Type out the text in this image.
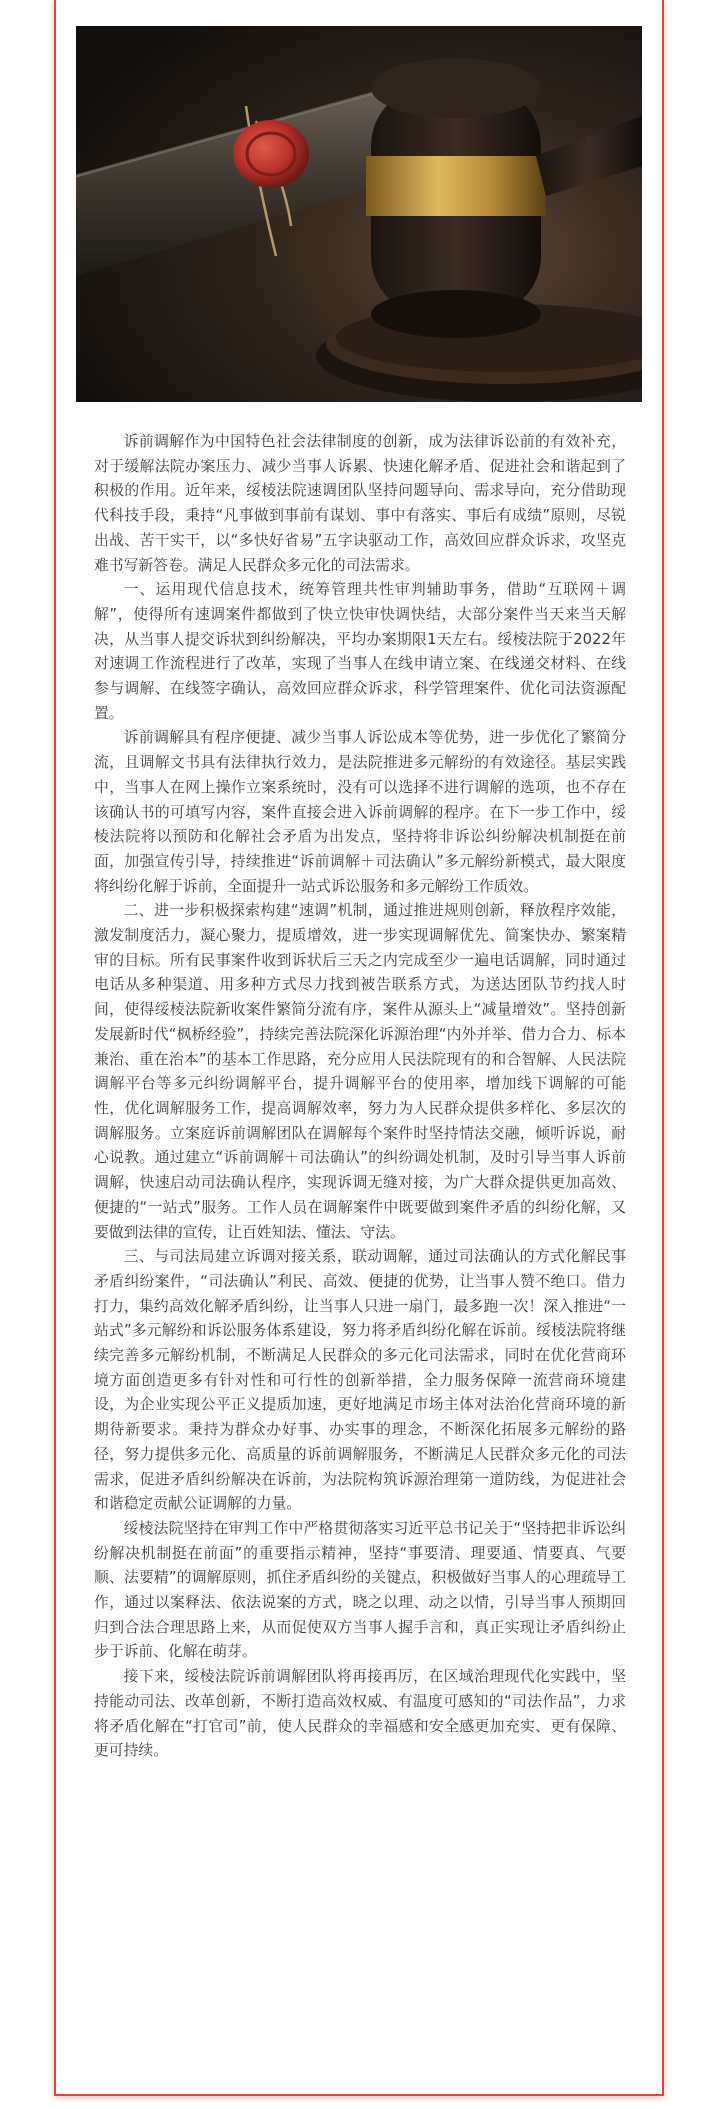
诉前调解作为中国特色社会法律制度的创新，成为法律诉讼前的有效补充，对于缓解法院办案压力、减少当事人诉累、快速化解矛盾、促进社会和谐起到了积极的作用。近年来，绥棱法院速调团队坚持问题导向、需求导向，充分借助现代科技手段，秉持“凡事做到事前有谋划、事中有落实、事后有成绩”原则，尽锐出战、苦干实干，以“多快好省易”五字诀驱动工作，高效回应群众诉求，攻坚克难书写新答卷。满足人民群众多元化的司法需求。

一、运用现代信息技术，统筹管理共性审判辅助事务，借助“互联网＋调解”，使得所有速调案件都做到了快立快审快调快结，大部分案件当天来当天解决，从当事人提交诉状到纠纷解决，平均办案期限1天左右。绥棱法院于2022年对速调工作流程进行了改革，实现了当事人在线申请立案、在线递交材料、在线参与调解、在线签字确认，高效回应群众诉求，科学管理案件、优化司法资源配置。

诉前调解具有程序便捷、减少当事人诉讼成本等优势，进一步优化了繁简分流，且调解文书具有法律执行效力，是法院推进多元解纷的有效途径。基层实践中，当事人在网上操作立案系统时，没有可以选择不进行调解的选项，也不存在该确认书的可填写内容，案件直接会进入诉前调解的程序。在下一步工作中，绥棱法院将以预防和化解社会矛盾为出发点，坚持将非诉讼纠纷解决机制挺在前面，加强宣传引导，持续推进“诉前调解＋司法确认”多元解纷新模式，最大限度将纠纷化解于诉前，全面提升一站式诉讼服务和多元解纷工作质效。

二、进一步积极探索构建“速调”机制，通过推进规则创新，释放程序效能，激发制度活力，凝心聚力，提质增效，进一步实现调解优先、简案快办、繁案精审的目标。所有民事案件收到诉状后三天之内完成至少一遍电话调解，同时通过电话从多种渠道、用多种方式尽力找到被告联系方式，为送达团队节约找人时间，使得绥棱法院新收案件繁简分流有序，案件从源头上“减量增效”。坚持创新发展新时代“枫桥经验”，持续完善法院深化诉源治理“内外并举、借力合力、标本兼治、重在治本”的基本工作思路，充分应用人民法院现有的和合智解、人民法院调解平台等多元纠纷调解平台，提升调解平台的使用率，增加线下调解的可能性，优化调解服务工作，提高调解效率，努力为人民群众提供多样化、多层次的调解服务。立案庭诉前调解团队在调解每个案件时坚持情法交融，倾听诉说，耐心说教。通过建立“诉前调解＋司法确认”的纠纷调处机制，及时引导当事人诉前调解，快速启动司法确认程序，实现诉调无缝对接，为广大群众提供更加高效、便捷的“一站式”服务。工作人员在调解案件中既要做到案件矛盾的纠纷化解，又要做到法律的宣传，让百姓知法、懂法、守法。

三、与司法局建立诉调对接关系，联动调解，通过司法确认的方式化解民事矛盾纠纷案件，“司法确认”利民、高效、便捷的优势，让当事人赞不绝口。借力打力，集约高效化解矛盾纠纷，让当事人只进一扇门，最多跑一次！深入推进“一站式”多元解纷和诉讼服务体系建设，努力将矛盾纠纷化解在诉前。绥棱法院将继续完善多元解纷机制，不断满足人民群众的多元化司法需求，同时在优化营商环境方面创造更多有针对性和可行性的创新举措，全力服务保障一流营商环境建设，为企业实现公平正义提质加速，更好地满足市场主体对法治化营商环境的新期待新要求。秉持为群众办好事、办实事的理念，不断深化拓展多元解纷的路径，努力提供多元化、高质量的诉前调解服务，不断满足人民群众多元化的司法需求，促进矛盾纠纷解决在诉前，为法院构筑诉源治理第一道防线，为促进社会和谐稳定贡献公证调解的力量。

绥棱法院坚持在审判工作中严格贯彻落实习近平总书记关于“坚持把非诉讼纠纷解决机制挺在前面”的重要指示精神，坚持“事要清、理要通、情要真、气要顺、法要精”的调解原则，抓住矛盾纠纷的关键点，积极做好当事人的心理疏导工作，通过以案释法、依法说案的方式，晓之以理、动之以情，引导当事人预期回归到合法合理思路上来，从而促使双方当事人握手言和，真正实现让矛盾纠纷止步于诉前、化解在萌芽。

接下来，绥棱法院诉前调解团队将再接再厉，在区域治理现代化实践中，坚持能动司法、改革创新，不断打造高效权威、有温度可感知的“司法作品”，力求将矛盾化解在“打官司”前，使人民群众的幸福感和安全感更加充实、更有保障、更可持续。
